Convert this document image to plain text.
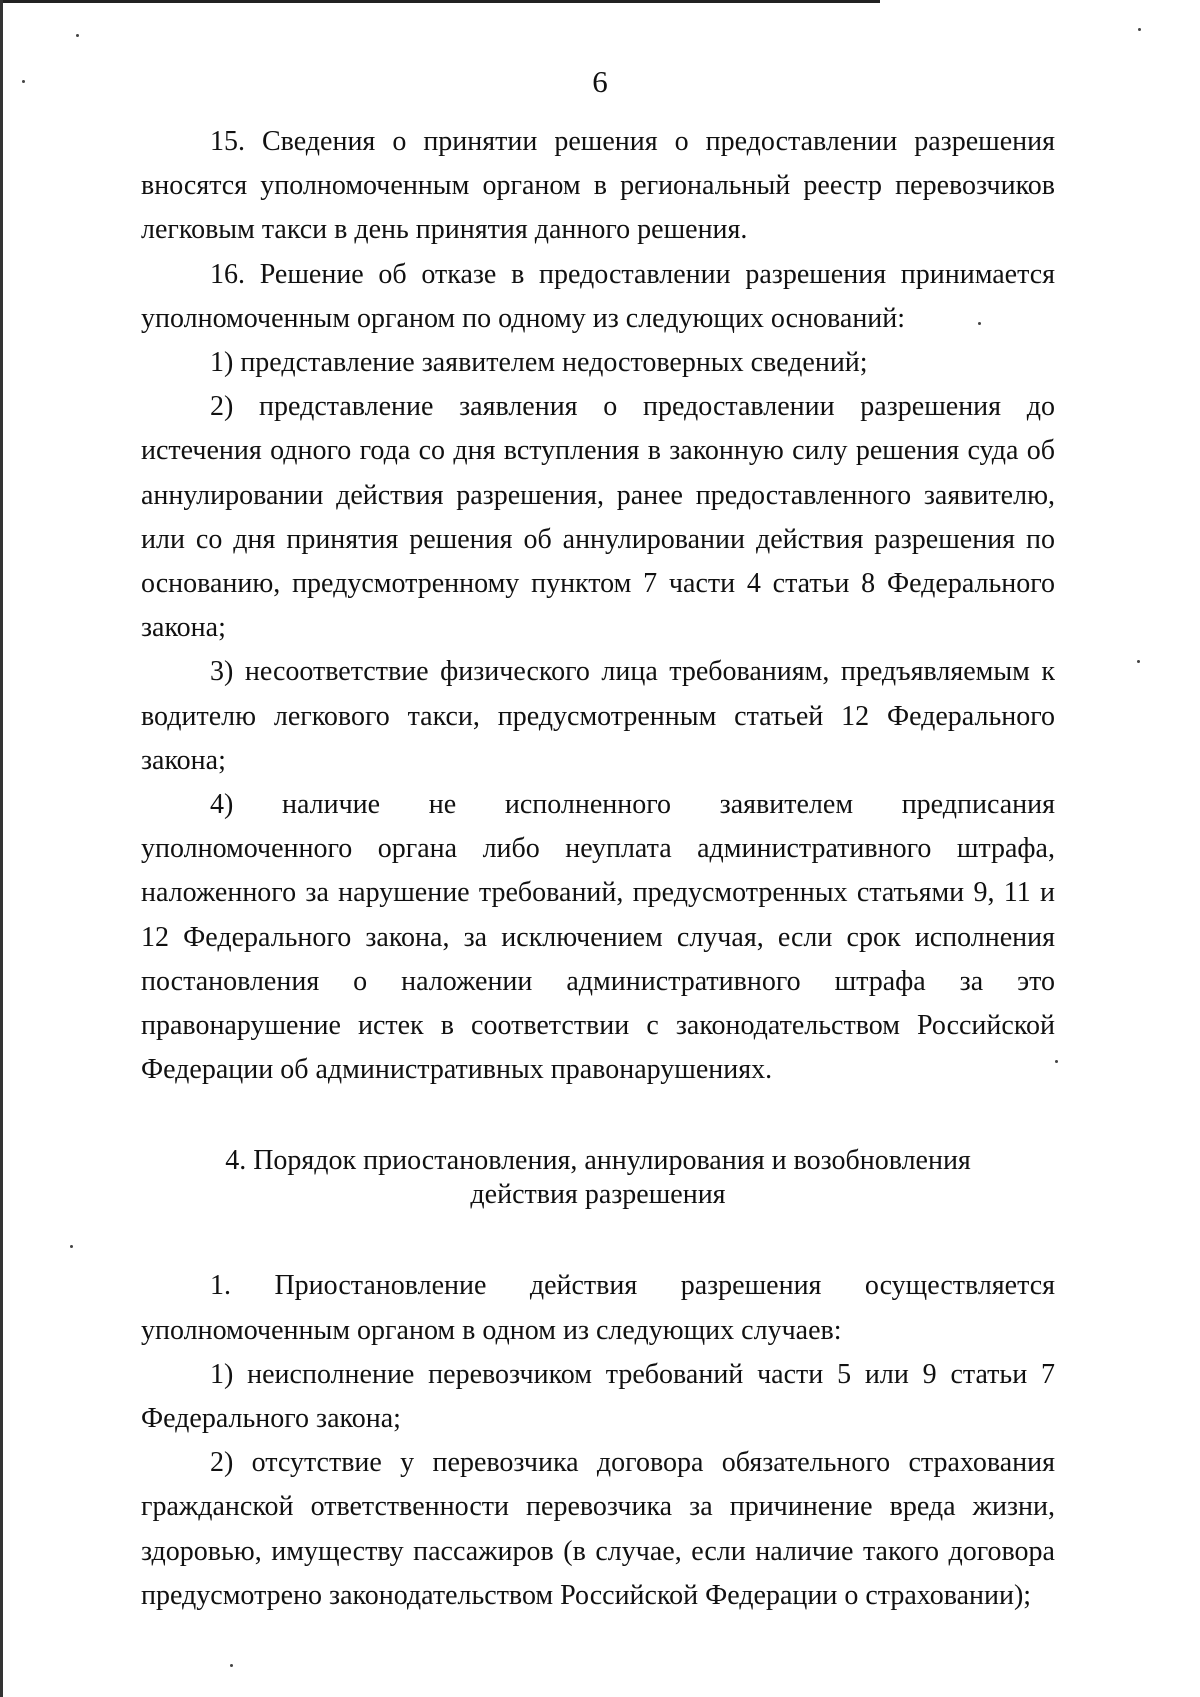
6

15. Сведения о принятии решения о предоставлении разрешения вносятся уполномоченным органом в региональный реестр перевозчиков легковым такси в день принятия данного решения.

16. Решение об отказе в предоставлении разрешения принимается уполномоченным органом по одному из следующих оснований:

1) представление заявителем недостоверных сведений;

2) представление заявления о предоставлении разрешения до истечения одного года со дня вступления в законную силу решения суда об аннулировании действия разрешения, ранее предоставленного заявителю, или со дня принятия решения об аннулировании действия разрешения по основанию, предусмотренному пунктом 7 части 4 статьи 8 Федерального закона;

3) несоответствие физического лица требованиям, предъявляемым к водителю легкового такси, предусмотренным статьей 12 Федерального закона;

4) наличие не исполненного заявителем предписания уполномоченного органа либо неуплата административного штрафа, наложенного за нарушение требований, предусмотренных статьями 9, 11 и 12 Федерального закона, за исключением случая, если срок исполнения постановления о наложении административного штрафа за это правонарушение истек в соответствии с законодательством Российской Федерации об административных правонарушениях.

4. Порядок приостановления, аннулирования и возобновления
действия разрешения

1. Приостановление действия разрешения осуществляется уполномоченным органом в одном из следующих случаев:

1) неисполнение перевозчиком требований части 5 или 9 статьи 7 Федерального закона;

2) отсутствие у перевозчика договора обязательного страхования гражданской ответственности перевозчика за причинение вреда жизни, здоровью, имуществу пассажиров (в случае, если наличие такого договора предусмотрено законодательством Российской Федерации о страховании);
